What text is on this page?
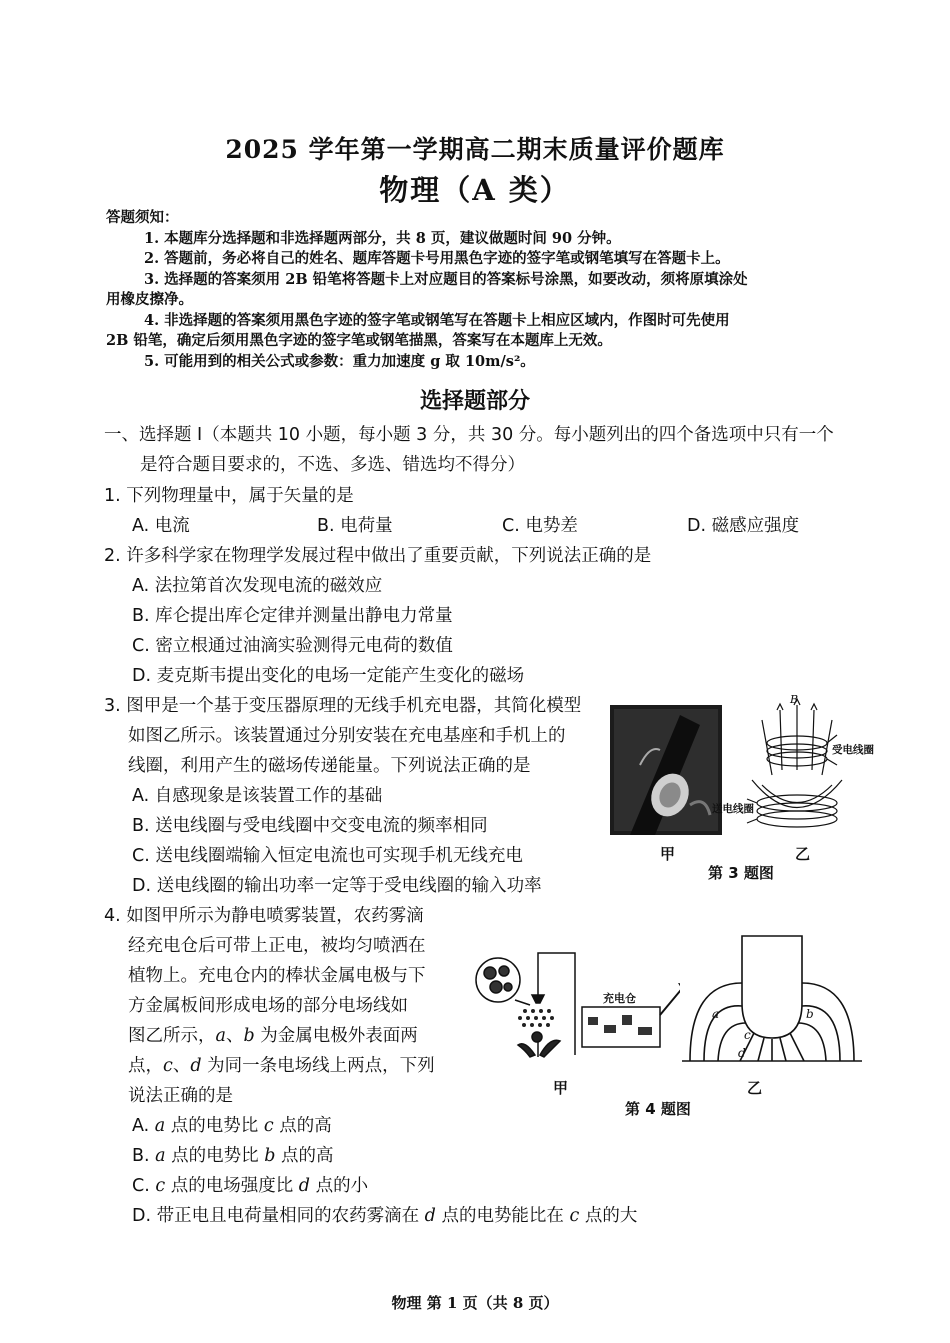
2025 学年第一学期高二期末质量评价题库
物理（A 类）
答题须知：
1. 本题库分选择题和非选择题两部分，共 8 页，建议做题时间 90 分钟。
2. 答题前，务必将自己的姓名、题库答题卡号用黑色字迹的签字笔或钢笔填写在答题卡上。
3. 选择题的答案须用 2B 铅笔将答题卡上对应题目的答案标号涂黑，如要改动，须将原填涂处
用橡皮擦净。
4. 非选择题的答案须用黑色字迹的签字笔或钢笔写在答题卡上相应区域内，作图时可先使用
2B 铅笔，确定后须用黑色字迹的签字笔或钢笔描黑，答案写在本题库上无效。
5. 可能用到的相关公式或参数：重力加速度 g 取 10m/s²。
选择题部分
一、选择题 I（本题共 10 小题，每小题 3 分，共 30 分。每小题列出的四个备选项中只有一个
是符合题目要求的，不选、多选、错选均不得分）
1. 下列物理量中，属于矢量的是
A. 电流	B. 电荷量	C. 电势差	D. 磁感应强度
2. 许多科学家在物理学发展过程中做出了重要贡献，下列说法正确的是
A. 法拉第首次发现电流的磁效应
B. 库仑提出库仑定律并测量出静电力常量
C. 密立根通过油滴实验测得元电荷的数值
D. 麦克斯韦提出变化的电场一定能产生变化的磁场
3. 图甲是一个基于变压器原理的无线手机充电器，其简化模型
如图乙所示。该装置通过分别安装在充电基座和手机上的
线圈，利用产生的磁场传递能量。下列说法正确的是
A. 自感现象是该装置工作的基础
B. 送电线圈与受电线圈中交变电流的频率相同
C. 送电线圈端输入恒定电流也可实现手机无线充电
D. 送电线圈的输出功率一定等于受电线圈的输入功率
4. 如图甲所示为静电喷雾装置，农药雾滴
经充电仓后可带上正电，被均匀喷洒在
植物上。充电仓内的棒状金属电极与下
方金属板间形成电场的部分电场线如
图乙所示，a、b 为金属电极外表面两
点，c、d 为同一条电场线上两点，下列
说法正确的是
A. a 点的电势比 c 点的高
B. a 点的电势比 b 点的高
C. c 点的电场强度比 d 点的小
D. 带正电且电荷量相同的农药雾滴在 d 点的电势能比在 c 点的大
甲
B
受电线圈
送电线圈
乙
第 3 题图
充电仓
甲
a	b
c
d
乙
第 4 题图
物理 第 1 页（共 8 页）
